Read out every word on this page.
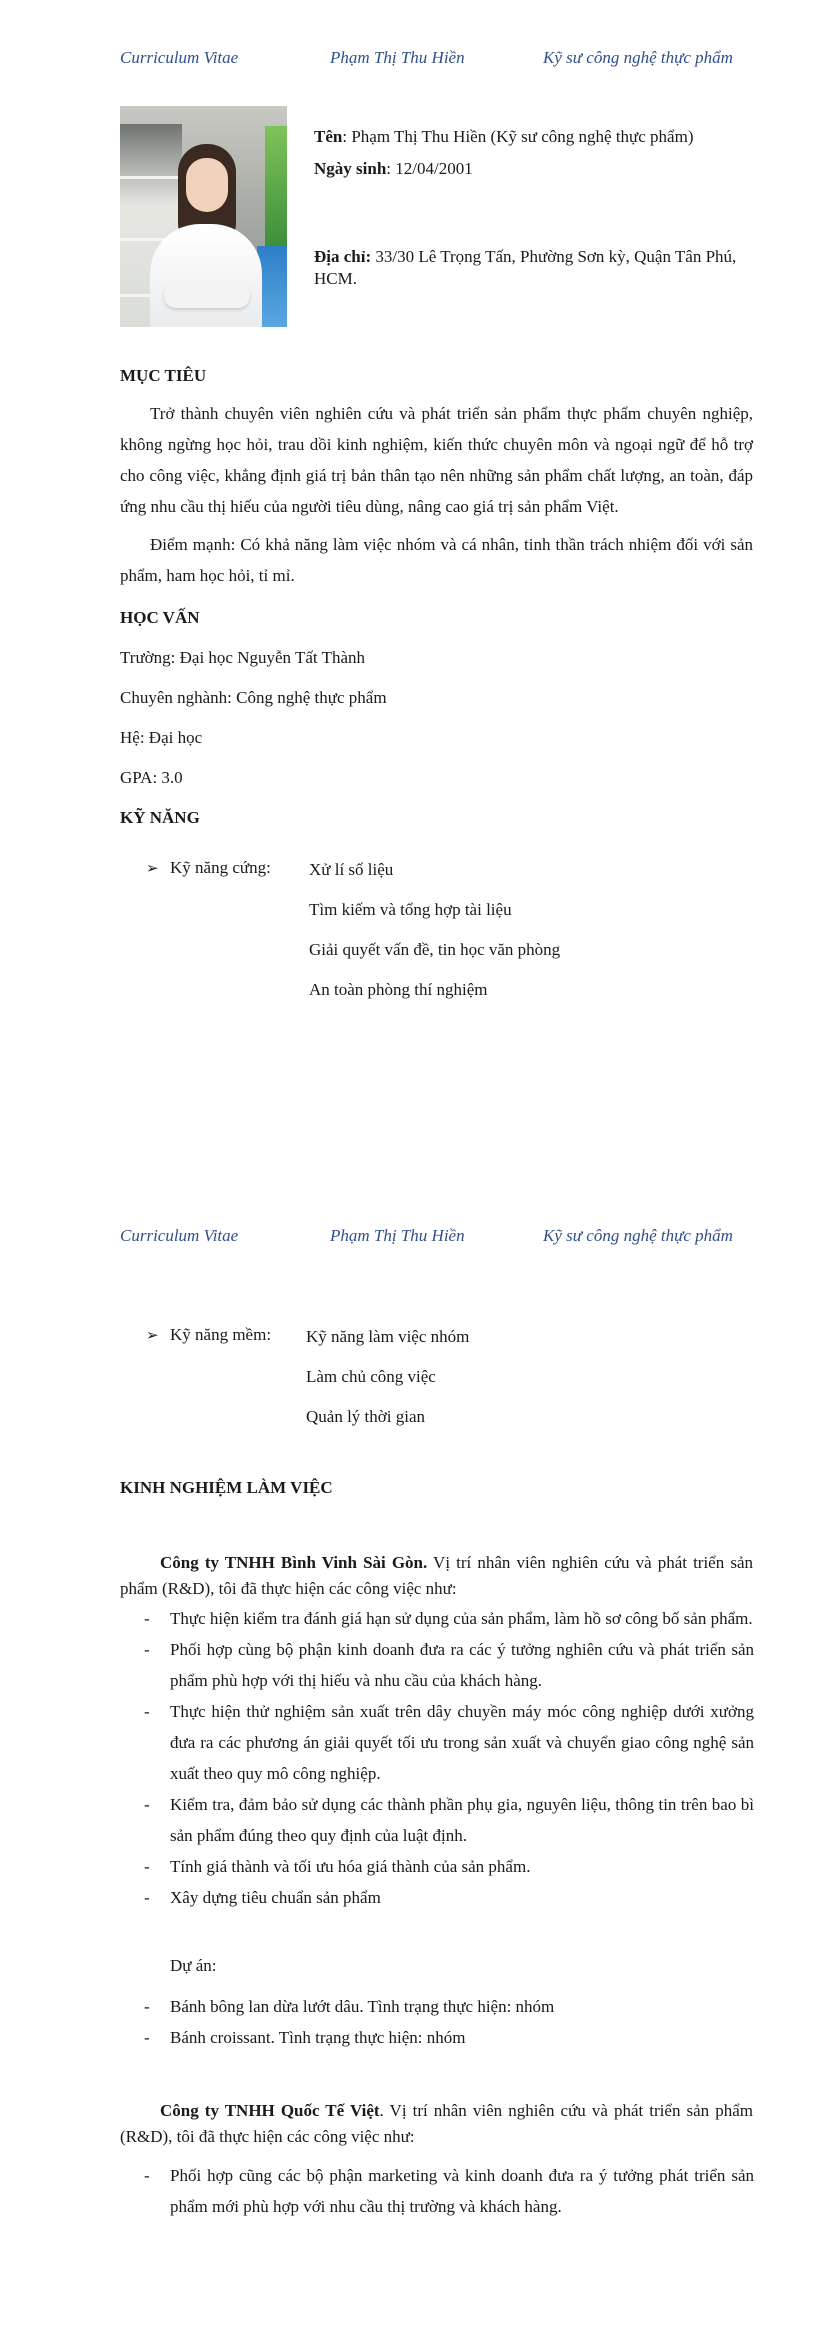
Curriculum Vitae	Phạm Thị Thu Hiền	Kỹ sư công nghệ thực phẩm
Tên: Phạm Thị Thu Hiền (Kỹ sư công nghệ thực phẩm)
Ngày sinh: 12/04/2001
Địa chỉ: 33/30 Lê Trọng Tấn, Phường Sơn kỳ, Quận Tân Phú, HCM.
MỤC TIÊU
Trở thành chuyên viên nghiên cứu và phát triển sản phẩm thực phẩm chuyên nghiệp, không ngừng học hỏi, trau dồi kinh nghiệm, kiến thức chuyên môn và ngoại ngữ để hỗ trợ cho công việc, khẳng định giá trị bản thân tạo nên những sản phẩm chất lượng, an toàn, đáp ứng nhu cầu thị hiếu của người tiêu dùng, nâng cao giá trị sản phẩm Việt.
Điểm mạnh: Có khả năng làm việc nhóm và cá nhân, tinh thần trách nhiệm đối với sản phẩm, ham học hỏi, tỉ mỉ.
HỌC VẤN
Trường: Đại học Nguyễn Tất Thành
Chuyên nghành: Công nghệ thực phẩm
Hệ: Đại học
GPA: 3.0
KỸ NĂNG
➢ Kỹ năng cứng: Xử lí số liệu
Tìm kiếm và tổng hợp tài liệu
Giải quyết vấn đề, tin học văn phòng
An toàn phòng thí nghiệm
Curriculum Vitae	Phạm Thị Thu Hiền	Kỹ sư công nghệ thực phẩm
➢ Kỹ năng mềm: Kỹ năng làm việc nhóm
Làm chủ công việc
Quản lý thời gian
KINH NGHIỆM LÀM VIỆC
Công ty TNHH Bình Vinh Sài Gòn. Vị trí nhân viên nghiên cứu và phát triển sản phẩm (R&D), tôi đã thực hiện các công việc như:
- Thực hiện kiểm tra đánh giá hạn sử dụng của sản phẩm, làm hồ sơ công bố sản phẩm.
- Phối hợp cùng bộ phận kinh doanh đưa ra các ý tưởng nghiên cứu và phát triển sản phẩm phù hợp với thị hiếu và nhu cầu của khách hàng.
- Thực hiện thử nghiệm sản xuất trên dây chuyền máy móc công nghiệp dưới xưởng đưa ra các phương án giải quyết tối ưu trong sản xuất và chuyển giao công nghệ sản xuất theo quy mô công nghiệp.
- Kiểm tra, đảm bảo sử dụng các thành phần phụ gia, nguyên liệu, thông tin trên bao bì sản phẩm đúng theo quy định của luật định.
- Tính giá thành và tối ưu hóa giá thành của sản phẩm.
- Xây dựng tiêu chuẩn sản phẩm
Dự án:
- Bánh bông lan dừa lướt dâu. Tình trạng thực hiện: nhóm
- Bánh croissant. Tình trạng thực hiện: nhóm
Công ty TNHH Quốc Tế Việt. Vị trí nhân viên nghiên cứu và phát triển sản phẩm (R&D), tôi đã thực hiện các công việc như:
- Phối hợp cũng các bộ phận marketing và kinh doanh đưa ra ý tưởng phát triển sản phẩm mới phù hợp với nhu cầu thị trường và khách hàng.
